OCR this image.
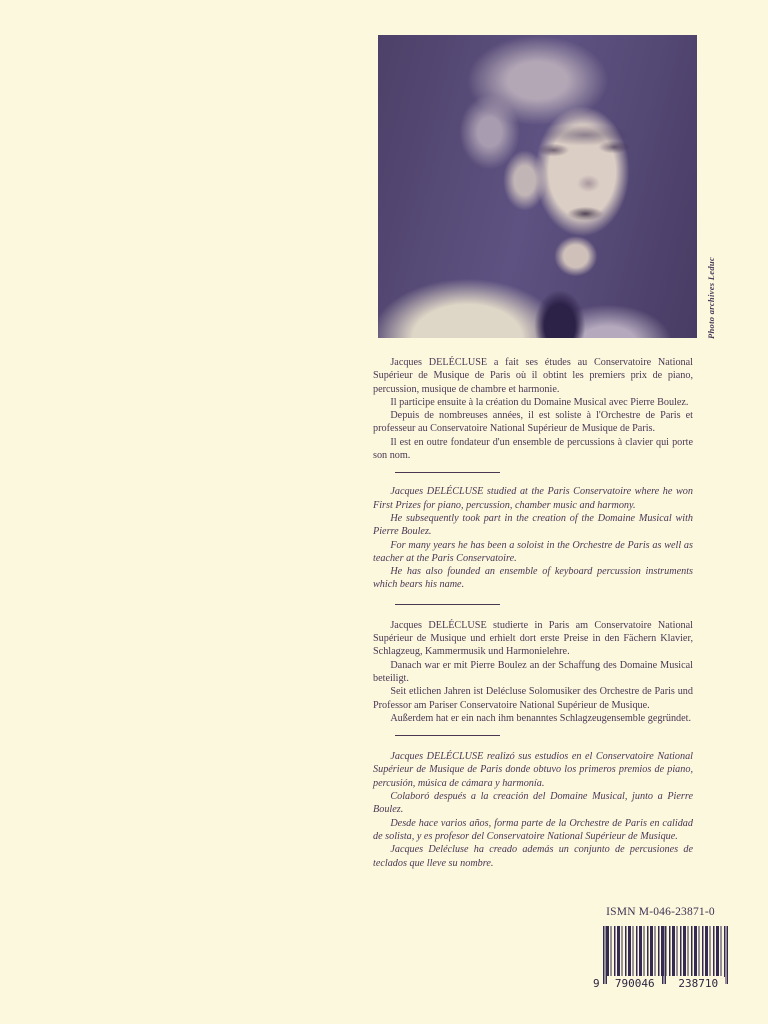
Photo archives Leduc

Jacques DELÉCLUSE a fait ses études au Conservatoire National Supérieur de Musique de Paris où il obtint les premiers prix de piano, percussion, musique de chambre et harmonie.

Il participe ensuite à la création du Domaine Musical avec Pierre Boulez.

Depuis de nombreuses années, il est soliste à l'Orchestre de Paris et professeur au Conservatoire National Supérieur de Musique de Paris.

Il est en outre fondateur d'un ensemble de percussions à clavier qui porte son nom.

Jacques DELÉCLUSE studied at the Paris Conservatoire where he won First Prizes for piano, percussion, chamber music and harmony.

He subsequently took part in the creation of the Domaine Musical with Pierre Boulez.

For many years he has been a soloist in the Orchestre de Paris as well as teacher at the Paris Conservatoire.

He has also founded an ensemble of keyboard percussion instruments which bears his name.

Jacques DELÉCLUSE studierte in Paris am Conservatoire National Supérieur de Musique und erhielt dort erste Preise in den Fächern Klavier, Schlagzeug, Kammermusik und Harmonielehre.

Danach war er mit Pierre Boulez an der Schaffung des Domaine Musical beteiligt.

Seit etlichen Jahren ist Delécluse Solomusiker des Orchestre de Paris und Professor am Pariser Conservatoire National Supérieur de Musique.

Außerdem hat er ein nach ihm benanntes Schlagzeugensemble gegründet.

Jacques DELÉCLUSE realizó sus estudios en el Conservatoire National Supérieur de Musique de Paris donde obtuvo los primeros premios de piano, percusión, música de cámara y harmonía.

Colaboró después a la creación del Domaine Musical, junto a Pierre Boulez.

Desde hace varios años, forma parte de la Orchestre de Paris en calidad de solista, y es profesor del Conservatoire National Supérieur de Musique.

Jacques Delécluse ha creado además un conjunto de percusiones de teclados que lleve su nombre.

ISMN M-046-23871-0
9	790046	238710
